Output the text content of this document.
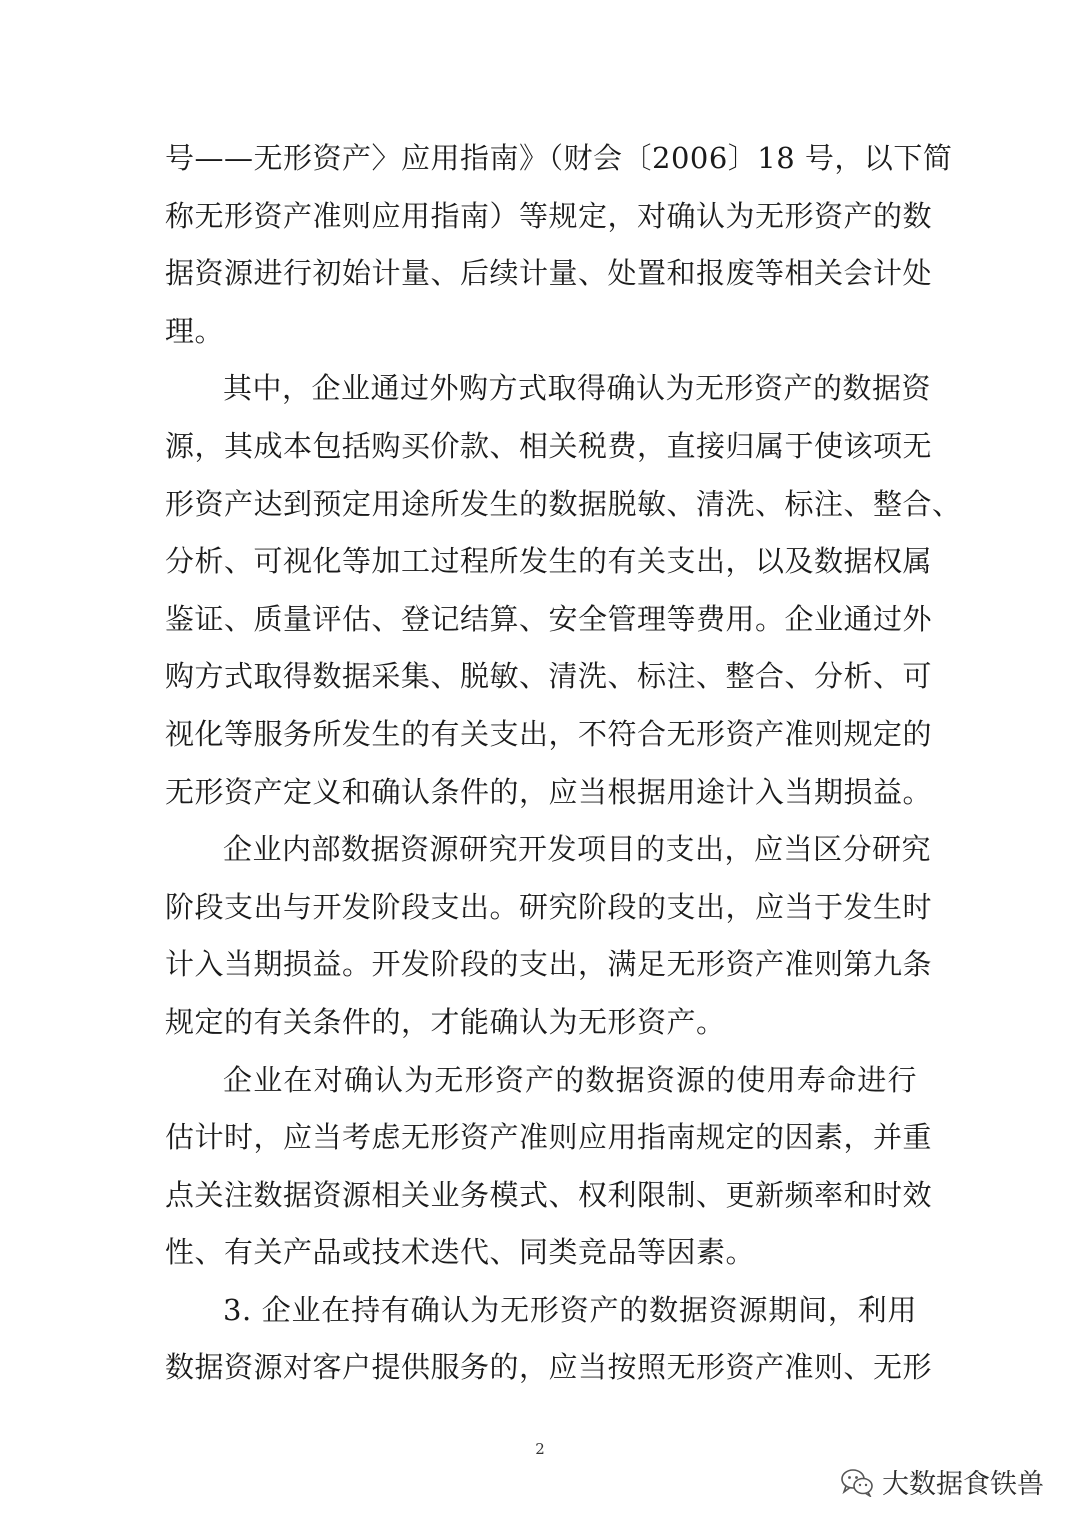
号——无形资产〉应用指南》（财会〔2006〕18 号，以下简
称无形资产准则应用指南）等规定，对确认为无形资产的数
据资源进行初始计量、后续计量、处置和报废等相关会计处
理。
其中，企业通过外购方式取得确认为无形资产的数据资
源，其成本包括购买价款、相关税费，直接归属于使该项无
形资产达到预定用途所发生的数据脱敏、清洗、标注、整合、
分析、可视化等加工过程所发生的有关支出，以及数据权属
鉴证、质量评估、登记结算、安全管理等费用。企业通过外
购方式取得数据采集、脱敏、清洗、标注、整合、分析、可
视化等服务所发生的有关支出，不符合无形资产准则规定的
无形资产定义和确认条件的，应当根据用途计入当期损益。
企业内部数据资源研究开发项目的支出，应当区分研究
阶段支出与开发阶段支出。研究阶段的支出，应当于发生时
计入当期损益。开发阶段的支出，满足无形资产准则第九条
规定的有关条件的，才能确认为无形资产。
企业在对确认为无形资产的数据资源的使用寿命进行
估计时，应当考虑无形资产准则应用指南规定的因素，并重
点关注数据资源相关业务模式、权利限制、更新频率和时效
性、有关产品或技术迭代、同类竞品等因素。
3. 企业在持有确认为无形资产的数据资源期间，利用
数据资源对客户提供服务的，应当按照无形资产准则、无形
2
大数据食铁兽
